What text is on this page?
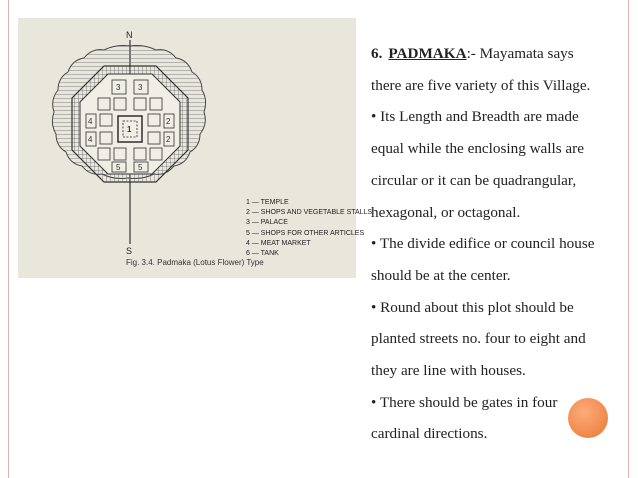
N
S
3 3
4
4
2
2
5 5
1
1 — TEMPLE
2 — SHOPS AND VEGETABLE STALLS
3 — PALACE
5 — SHOPS FOR OTHER ARTICLES
4 — MEAT MARKET
6 — TANK
Fig. 3.4. Padmaka (Lotus Flower) Type
6. PADMAKA:- Mayamata says
there are five variety of this Village.
• Its Length and Breadth are made
equal while the enclosing walls are
circular or it can be quadrangular,
hexagonal, or octagonal.
• The divide edifice or council house
should be at the center.
• Round about this plot should be
planted streets no. four to eight and
they are line with houses.
• There should be gates in four
cardinal directions.
